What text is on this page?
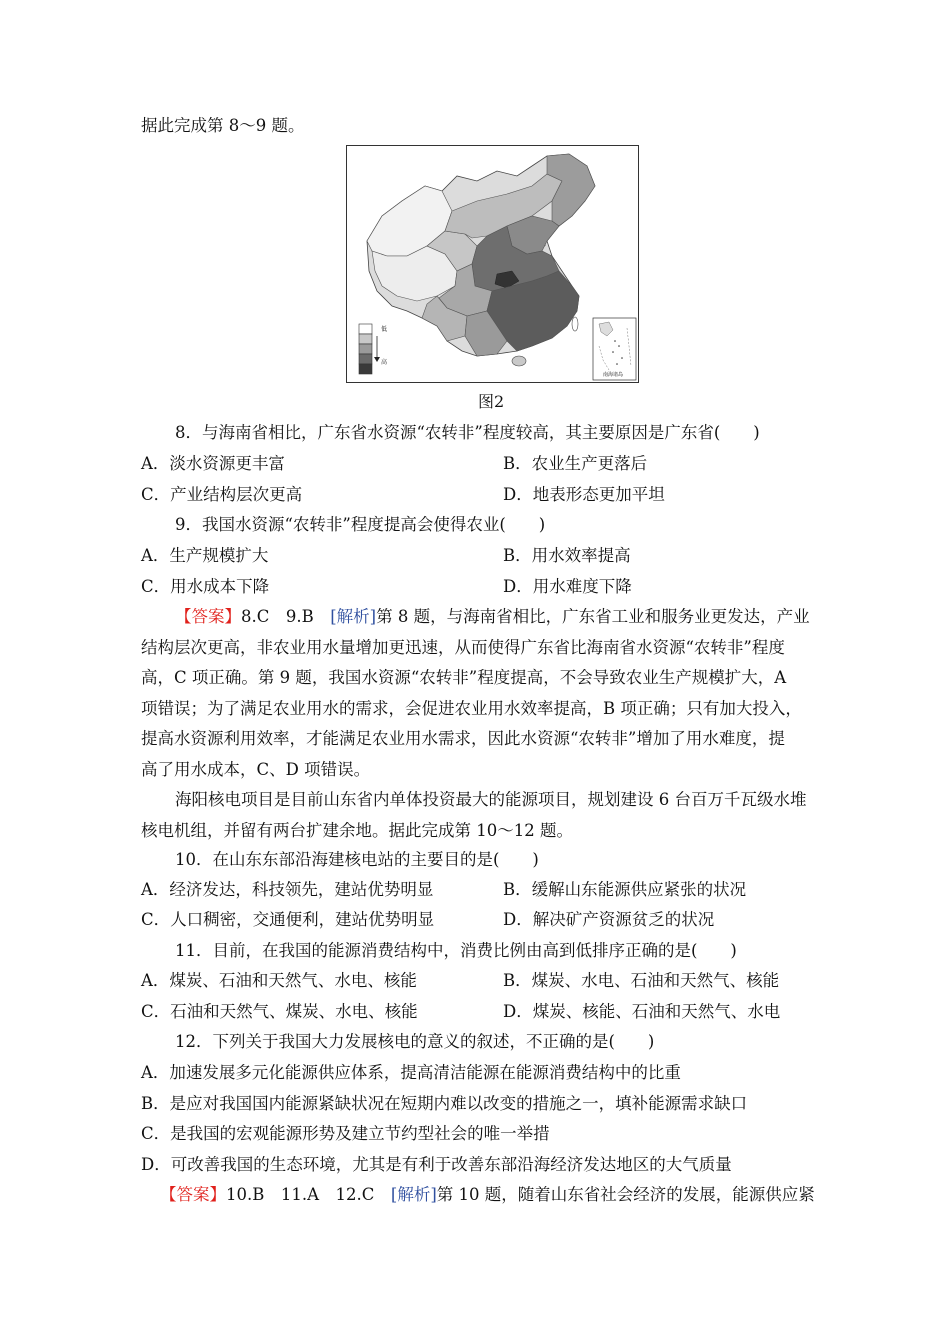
据此完成第 8～9 题。
低
高
南海诸岛
图2
8．与海南省相比，广东省水资源“农转非”程度较高，其主要原因是广东省(　　)
A．淡水资源更丰富	B．农业生产更落后
C．产业结构层次更高	D．地表形态更加平坦
9．我国水资源“农转非”程度提高会使得农业(　　)
A．生产规模扩大	B．用水效率提高
C．用水成本下降	D．用水难度下降
【答案】8.C　9.B　[解析]第 8 题，与海南省相比，广东省工业和服务业更发达，产业
结构层次更高，非农业用水量增加更迅速，从而使得广东省比海南省水资源“农转非”程度
高，C 项正确。第 9 题，我国水资源“农转非”程度提高，不会导致农业生产规模扩大，A
项错误；为了满足农业用水的需求，会促进农业用水效率提高，B 项正确；只有加大投入，
提高水资源利用效率，才能满足农业用水需求，因此水资源“农转非”增加了用水难度，提
高了用水成本，C、D 项错误。
海阳核电项目是目前山东省内单体投资最大的能源项目，规划建设 6 台百万千瓦级水堆
核电机组，并留有两台扩建余地。据此完成第 10～12 题。
10．在山东东部沿海建核电站的主要目的是(　　)
A．经济发达，科技领先，建站优势明显	B．缓解山东能源供应紧张的状况
C．人口稠密，交通便利，建站优势明显	D．解决矿产资源贫乏的状况
11．目前，在我国的能源消费结构中，消费比例由高到低排序正确的是(　　)
A．煤炭、石油和天然气、水电、核能	B．煤炭、水电、石油和天然气、核能
C．石油和天然气、煤炭、水电、核能	D．煤炭、核能、石油和天然气、水电
12．下列关于我国大力发展核电的意义的叙述，不正确的是(　　)
A．加速发展多元化能源供应体系，提高清洁能源在能源消费结构中的比重
B．是应对我国国内能源紧缺状况在短期内难以改变的措施之一，填补能源需求缺口
C．是我国的宏观能源形势及建立节约型社会的唯一举措
D．可改善我国的生态环境，尤其是有利于改善东部沿海经济发达地区的大气质量
【答案】10.B　11.A　12.C　[解析]第 10 题，随着山东省社会经济的发展，能源供应紧
